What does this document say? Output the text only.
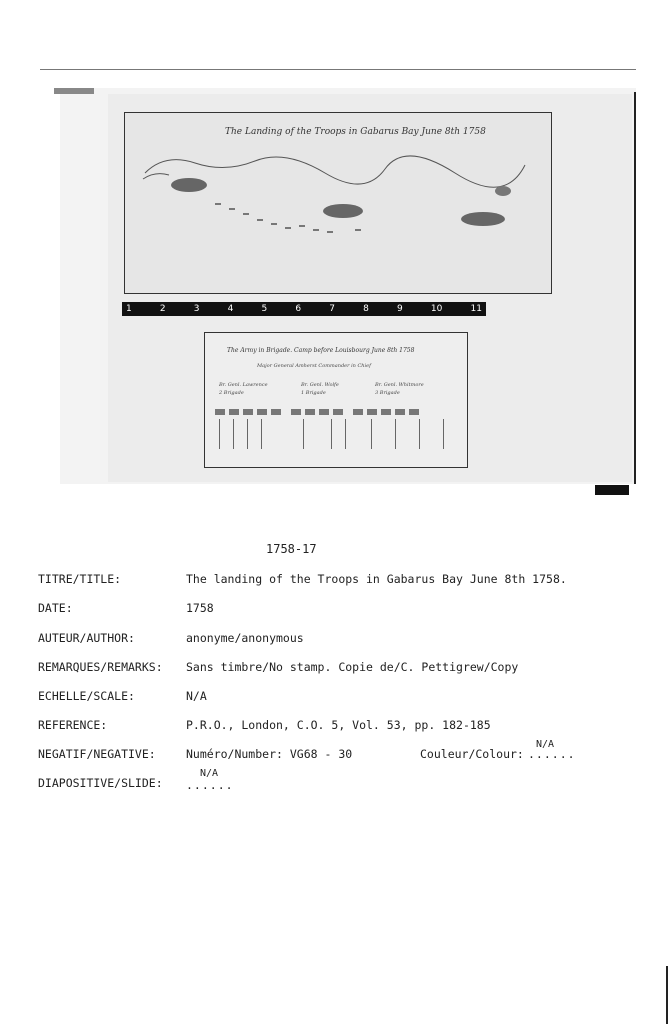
The Landing of the Troops in Gabarus Bay June 8th 1758
1	2	3	4	5	6	7	8	9	10	11
The Army in Brigade. Camp before Louisbourg June 8th 1758
Major General Amherst Commander in Chief
Br. Genl. Lawrence
2 Brigade
Br. Genl. Wolfe
1 Brigade
Br. Genl. Whitmore
3 Brigade
1758-17
TITRE/TITLE:	The landing of the Troops in Gabarus Bay June 8th 1758.
DATE:	1758
AUTEUR/AUTHOR:	anonyme/anonymous
REMARQUES/REMARKS: Sans timbre/No stamp. Copie de/C. Pettigrew/Copy
ECHELLE/SCALE:	N/A
REFERENCE:	P.R.O., London, C.O. 5, Vol. 53, pp. 182-185
NEGATIF/NEGATIVE:	Numéro/Number: VG68 - 30	Couleur/Colour:
N/A
......
DIAPOSITIVE/SLIDE:
N/A
......
